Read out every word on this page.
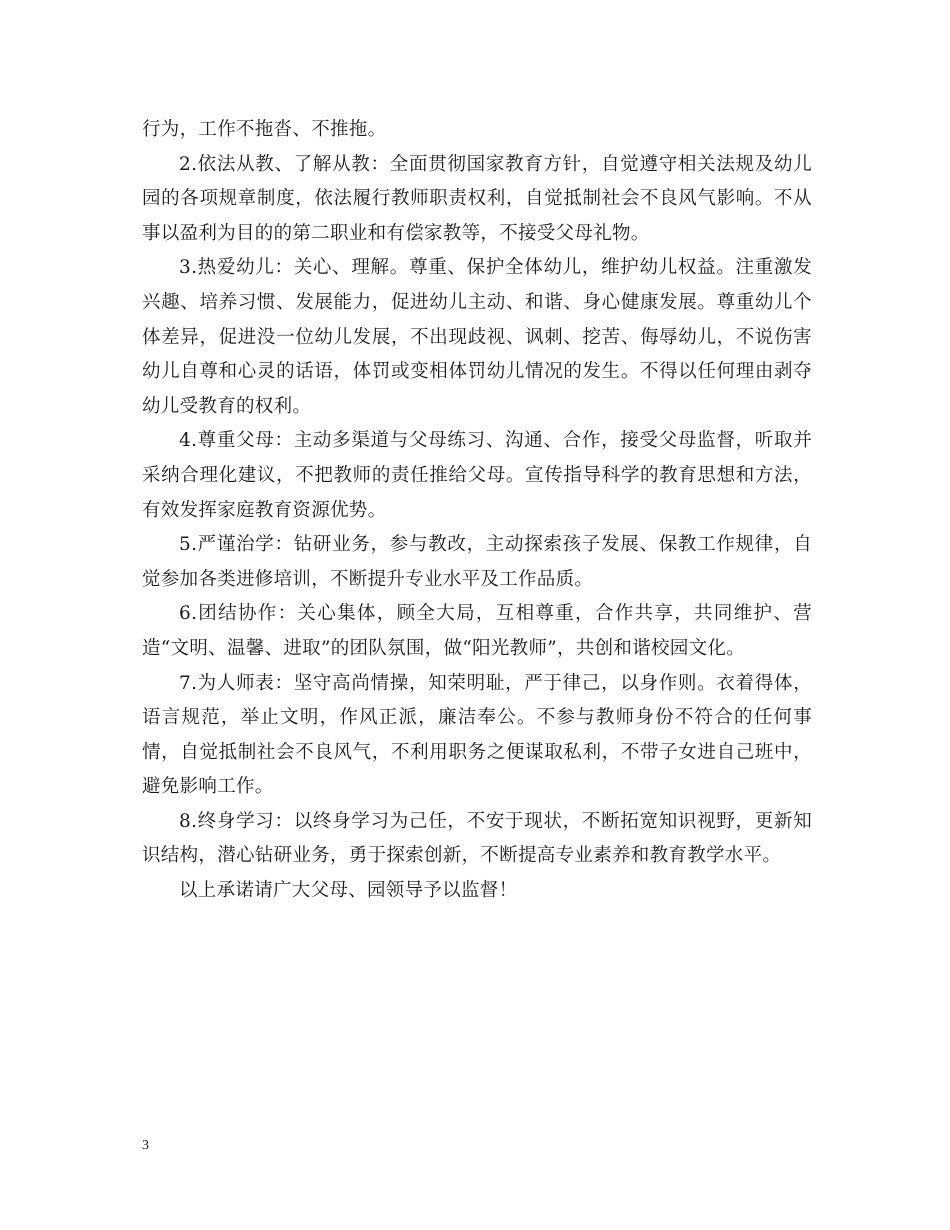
行为，工作不拖沓、不推拖。

2.依法从教、了解从教：全面贯彻国家教育方针，自觉遵守相关法规及幼儿园的各项规章制度，依法履行教师职责权利，自觉抵制社会不良风气影响。不从事以盈利为目的的第二职业和有偿家教等，不接受父母礼物。

3.热爱幼儿：关心、理解。尊重、保护全体幼儿，维护幼儿权益。注重激发兴趣、培养习惯、发展能力，促进幼儿主动、和谐、身心健康发展。尊重幼儿个体差异，促进没一位幼儿发展，不出现歧视、讽刺、挖苦、侮辱幼儿，不说伤害幼儿自尊和心灵的话语，体罚或变相体罚幼儿情况的发生。不得以任何理由剥夺幼儿受教育的权利。

4.尊重父母：主动多渠道与父母练习、沟通、合作，接受父母监督，听取并采纳合理化建议，不把教师的责任推给父母。宣传指导科学的教育思想和方法，有效发挥家庭教育资源优势。

5.严谨治学：钻研业务，参与教改，主动探索孩子发展、保教工作规律，自觉参加各类进修培训，不断提升专业水平及工作品质。

6.团结协作：关心集体，顾全大局，互相尊重，合作共享，共同维护、营造“文明、温馨、进取”的团队氛围，做“阳光教师”，共创和谐校园文化。

7.为人师表：坚守高尚情操，知荣明耻，严于律己，以身作则。衣着得体，语言规范，举止文明，作风正派，廉洁奉公。不参与教师身份不符合的任何事情，自觉抵制社会不良风气，不利用职务之便谋取私利，不带子女进自己班中，避免影响工作。

8.终身学习：以终身学习为己任，不安于现状，不断拓宽知识视野，更新知识结构，潜心钻研业务，勇于探索创新，不断提高专业素养和教育教学水平。

以上承诺请广大父母、园领导予以监督！

3
